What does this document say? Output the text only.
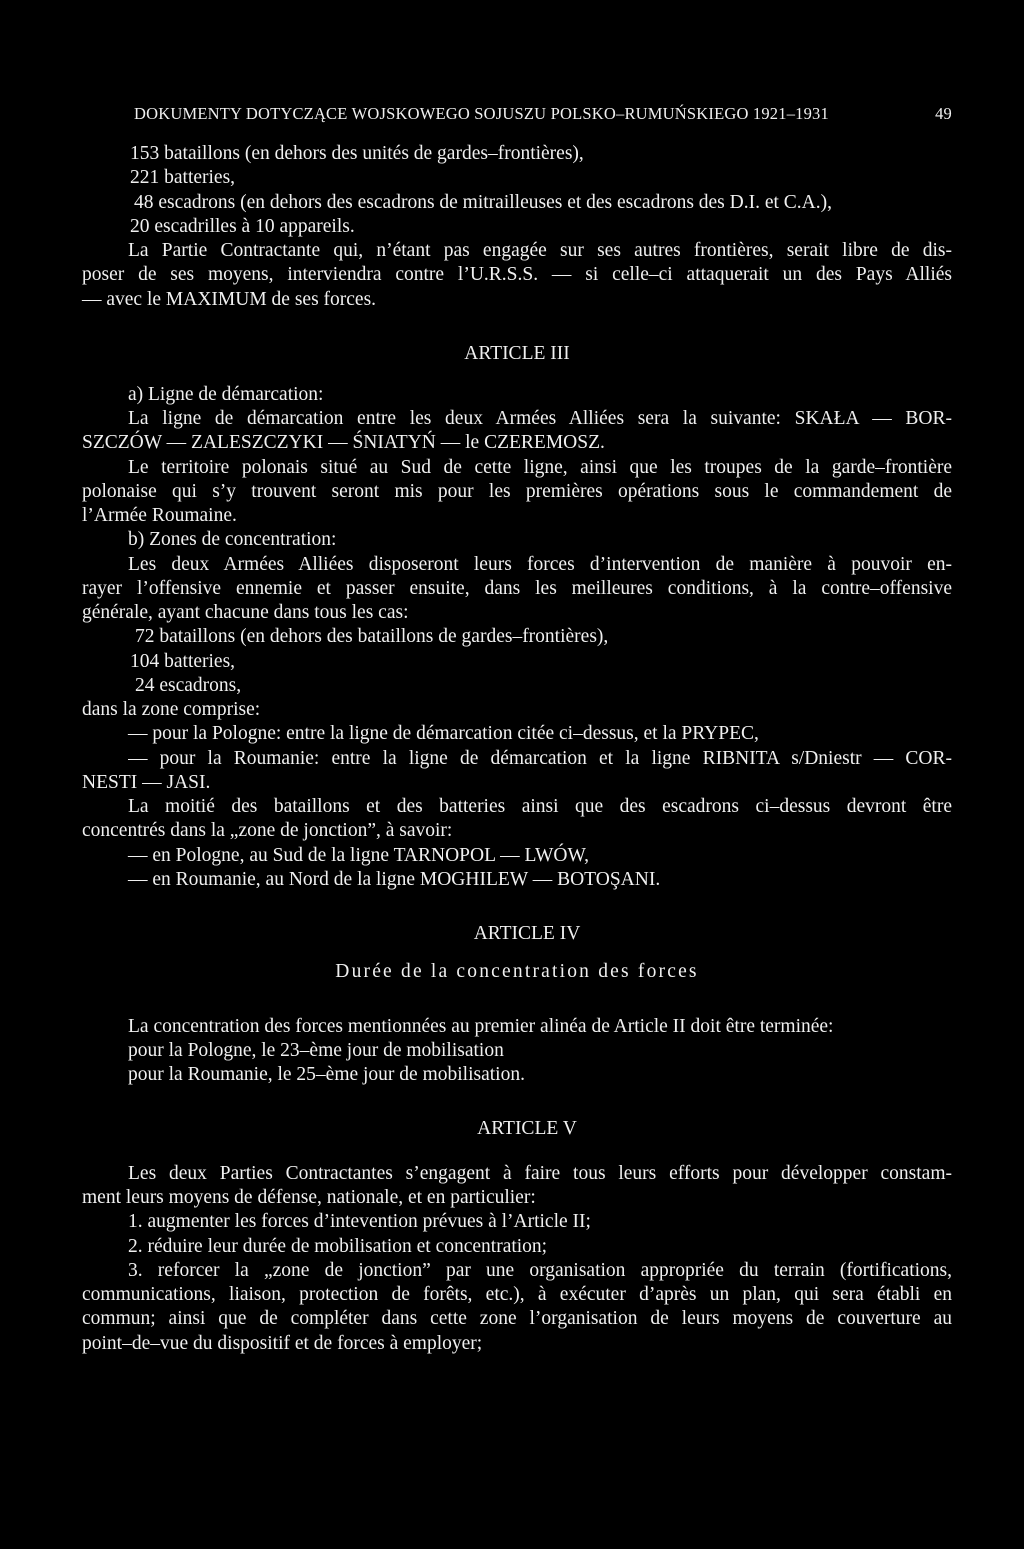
DOKUMENTY DOTYCZĄCE WOJSKOWEGO SOJUSZU POLSKO–RUMUŃSKIEGO 1921–1931	49
153 bataillons (en dehors des unités de gardes–frontières),
221 batteries,
48 escadrons (en dehors des escadrons de mitrailleuses et des escadrons des D.I. et C.A.),
20 escadrilles à 10 appareils.
La Partie Contractante qui, n’étant pas engagée sur ses autres frontières, serait libre de dis-
poser de ses moyens, interviendra contre l’U.R.S.S. — si celle–ci attaquerait un des Pays Alliés
— avec le MAXIMUM de ses forces.
ARTICLE III
a) Ligne de démarcation:
La ligne de démarcation entre les deux Armées Alliées sera la suivante: SKAŁA — BOR-
SZCZÓW — ZALESZCZYKI — ŚNIATYŃ — le CZEREMOSZ.
Le territoire polonais situé au Sud de cette ligne, ainsi que les troupes de la garde–frontière
polonaise qui s’y trouvent seront mis pour les premières opérations sous le commandement de
l’Armée Roumaine.
b) Zones de concentration:
Les deux Armées Alliées disposeront leurs forces d’intervention de manière à pouvoir en-
rayer l’offensive ennemie et passer ensuite, dans les meilleures conditions, à la contre–offensive
générale, ayant chacune dans tous les cas:
72 bataillons (en dehors des bataillons de gardes–frontières),
104 batteries,
24 escadrons,
dans la zone comprise:
— pour la Pologne: entre la ligne de démarcation citée ci–dessus, et la PRYPEC,
— pour la Roumanie: entre la ligne de démarcation et la ligne RIBNITA s/Dniestr — COR-
NESTI — JASI.
La moitié des bataillons et des batteries ainsi que des escadrons ci–dessus devront être
concentrés dans la „zone de jonction”, à savoir:
— en Pologne, au Sud de la ligne TARNOPOL — LWÓW,
— en Roumanie, au Nord de la ligne MOGHILEW — BOTOŞANI.
ARTICLE IV
Durée de la concentration des forces
La concentration des forces mentionnées au premier alinéa de Article II doit être terminée:
pour la Pologne, le 23–ème jour de mobilisation
pour la Roumanie, le 25–ème jour de mobilisation.
ARTICLE V
Les deux Parties Contractantes s’engagent à faire tous leurs efforts pour développer constam-
ment leurs moyens de défense, nationale, et en particulier:
1. augmenter les forces d’intevention prévues à l’Article II;
2. réduire leur durée de mobilisation et concentration;
3. reforcer la „zone de jonction” par une organisation appropriée du terrain (fortifications,
communications, liaison, protection de forêts, etc.), à exécuter d’après un plan, qui sera établi en
commun; ainsi que de compléter dans cette zone l’organisation de leurs moyens de couverture au
point–de–vue du dispositif et de forces à employer;
